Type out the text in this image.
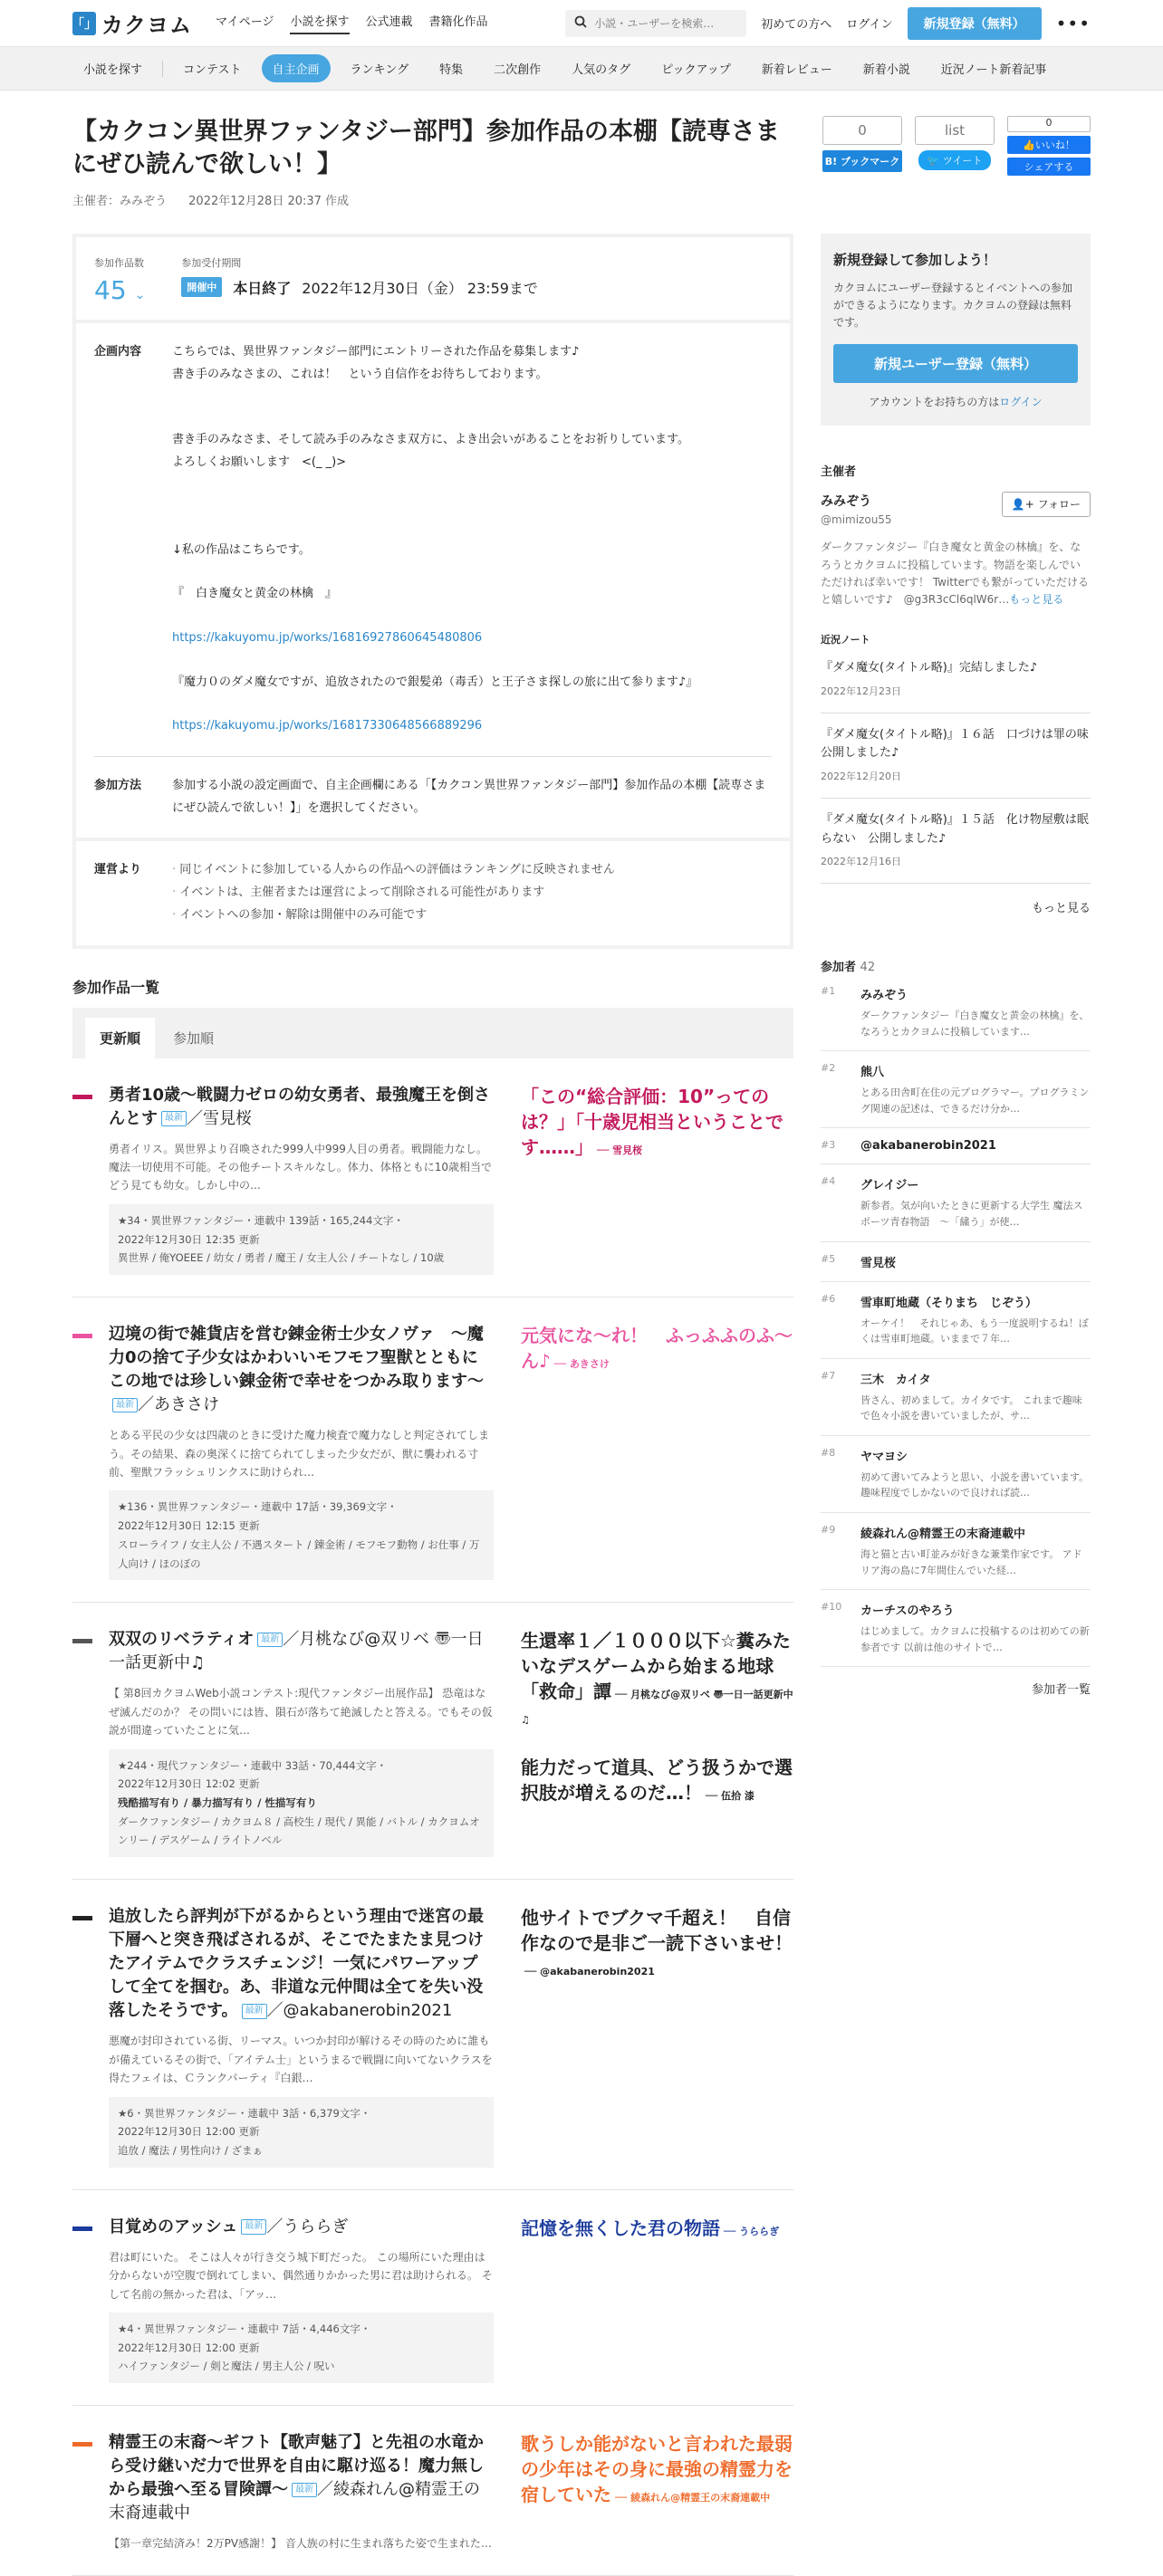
「」 カクヨム マイページ 小説を探す 公式連載 書籍化作品
小説・ユーザーを検索…	初めての方へ ログイン	新規登録（無料）	•••
小説を探す	コンテスト	自主企画	ランキング	特集	二次創作	人気のタグ	ピックアップ	新着レビュー	新着小説	近況ノート新着記事
【カクコン異世界ファンタジー部門】参加作品の本棚【読専さまにぜひ読んで欲しい！】
主催者：みみぞう 2022年12月28日 20:37 作成
0
B! ブックマーク
list
🐦 ツイート
0
👍 いいね！
シェアする
参加作品数
45 ⌄
参加受付期間
開催中	本日終了 2022年12月30日（金） 23:59まで
企画内容	こちらでは、異世界ファンタジー部門にエントリーされた作品を募集します♪

書き手のみなさまの、これは！　という自信作をお待ちしております。

書き手のみなさま、そして読み手のみなさま双方に、よき出会いがあることをお祈りしています。

よろしくお願いします　<(_ _)>

↓私の作品はこちらです。

『　白き魔女と黄金の林檎　』

https://kakuyomu.jp/works/16816927860645480806

『魔力０のダメ魔女ですが、追放されたので銀髪弟（毒舌）と王子さま探しの旅に出て参ります♪』

https://kakuyomu.jp/works/16817330648566889296

参加方法	参加する小説の設定画面で、自主企画欄にある「【カクコン異世界ファンタジー部門】参加作品の本棚【読専さまにぜひ読んで欲しい！】」を選択してください。
運営より
·	同じイベントに参加している人からの作品への評価はランキングに反映されません
· イベントは、主催者または運営によって削除される可能性があります
· イベントへの参加・解除は開催中のみ可能です
参加作品一覧
更新順	参加順
勇者10歳～戦闘力ゼロの幼女勇者、最強魔王を倒さんとす 最新 ／雪見桜
勇者イリス。異世界より召喚された999人中999人目の勇者。戦闘能力なし。魔法一切使用不可能。その他チートスキルなし。体力、体格ともに10歳相当でどう見ても幼女。しかし中の…
★34・異世界ファンタジー・連載中 139話・165,244文字・
2022年12月30日 12:35 更新
異世界 / 俺YOEEE / 幼女 / 勇者 / 魔王 / 女主人公 / チートなし / 10歳
「この“総合評価：10”ってのは？」「十歳児相当ということです……」 ── 雪見桜
辺境の街で雑貨店を営む錬金術士少女ノヴァ　～魔力0の捨て子少女はかわいいモフモフ聖獣とともにこの地では珍しい錬金術で幸せをつかみ取ります～最新 ／あきさけ
とある平民の少女は四歳のときに受けた魔力検査で魔力なしと判定されてしまう。その結果、森の奥深くに捨てられてしまった少女だが、獣に襲われる寸前、聖獣フラッシュリンクスに助けられ…
★136・異世界ファンタジー・連載中 17話・39,369文字・
2022年12月30日 12:15 更新
スローライフ / 女主人公 / 不遇スタート / 錬金術 / モフモフ動物 / お仕事 / 万人向け / ほのぼの
元気にな～れ！　ふっふふのふ～ん♪ ── あきさけ
双双のリベラティオ 最新 ／月桃なび@双リベ 〠一日一話更新中♫
【 第8回カクヨムWeb小説コンテスト:現代ファンタジー出展作品】 恐竜はなぜ滅んだのか？ その問いには皆、隕石が落ちて絶滅したと答える。でもその仮説が間違っていたことに気…
★244・現代ファンタジー・連載中 33話・70,444文字・
2022年12月30日 12:02 更新
残酷描写有り / 暴力描写有り / 性描写有り
ダークファンタジー / カクヨム８ / 高校生 / 現代 / 異能 / バトル / カクヨムオンリー / デスゲーム / ライトノベル
生還率１／１０００以下☆糞みたいなデスゲームから始まる地球「救命」譚 ── 月桃なび@双リベ 〠一日一話更新中♫
能力だって道具、どう扱うかで選択肢が増えるのだ…！ ── 伍拾 漆
追放したら評判が下がるからという理由で迷宮の最下層へと突き飛ばされるが、そこでたまたま見つけたアイテムでクラスチェンジ！一気にパワーアップして全てを掴む。あ、非道な元仲間は全てを失い没落したそうです。 最新 ／@akabanerobin2021
悪魔が封印されている街、リーマス。いつか封印が解けるその時のために誰もが備えているその街で、「アイテム士」というまるで戦闘に向いてないクラスを得たフェイは、Ｃランクパーティ『白銀…
★6・異世界ファンタジー・連載中 3話・6,379文字・
2022年12月30日 12:00 更新
追放 / 魔法 / 男性向け / ざまぁ
他サイトでブクマ千超え！　自信作なので是非ご一読下さいませ！── @akabanerobin2021
目覚めのアッシュ 最新 ／うららぎ
君は町にいた。 そこは人々が行き交う城下町だった。 この場所にいた理由は分からないが空腹で倒れてしまい、偶然通りかかった男に君は助けられる。 そして名前の無かった君は、「アッ…
★4・異世界ファンタジー・連載中 7話・4,446文字・
2022年12月30日 12:00 更新
ハイファンタジー / 剣と魔法 / 男主人公 / 呪い
記憶を無くした君の物語 ── うららぎ
精霊王の末裔～ギフト【歌声魅了】と先祖の水竜から受け継いだ力で世界を自由に駆け巡る！魔力無しから最強へ至る冒険譚～ 最新 ／綾森れん@精霊王の末裔連載中
【第一章完結済み！2万PV感謝！】 音人族の村に生まれ落ちた姿で生まれた…
歌うしか能がないと言われた最弱の少年はその身に最強の精霊力を宿していた ── 綾森れん@精霊王の末裔連載中
新規登録して参加しよう！

カクヨムにユーザー登録するとイベントへの参加ができるようになります。カクヨムの登録は無料です。

新規ユーザー登録（無料）
アカウントをお持ちの方はログイン
主催者
みみぞう
@mimizou55
👤+ フォロー
ダークファンタジー『白き魔女と黄金の林檎』を、なろうとカクヨムに投稿しています。物語を楽しんでいただければ幸いです！ Twitterでも繋がっていただけると嬉しいです♪　@g3R3cCl6qlW6r…もっと見る
近況ノート
『ダメ魔女(タイトル略)』完結しました♪
2022年12月23日
『ダメ魔女(タイトル略)』１６話　口づけは罪の味　公開しました♪
2022年12月20日
『ダメ魔女(タイトル略)』１５話　化け物屋敷は眠らない　公開しました♪
2022年12月16日
もっと見る
参加者 42
#1	みみぞう
ダークファンタジー『白き魔女と黄金の林檎』を、なろうとカクヨムに投稿しています…
#2	熊八
とある田舎町在住の元プログラマー。プログラミング関連の記述は、できるだけ分か…
#3	@akabanerobin2021
#4	グレイジー
新参者。気が向いたときに更新する大学生 魔法スポーツ青春物語　～「繍う」が使…
#5	雪見桜
#6	雪車町地蔵（そりまち　じぞう）
オーケイ！　それじゃあ、もう一度説明するね！ぼくは雪車町地蔵。いままで７年…
#7	三木　カイタ
皆さん、初めまして。カイタです。 これまで趣味で色々小説を書いていましたが、サ…
#8	ヤマヨシ
初めて書いてみようと思い、小説を書いています。趣味程度でしかないので良ければ読…
#9	綾森れん@精霊王の末裔連載中
海と猫と古い町並みが好きな兼業作家です。 アドリア海の島に7年間住んでいた経…
#10	カーチスのやろう
はじめまして。カクヨムに投稿するのは初めての新参者です 以前は他のサイトで…
参加者一覧
